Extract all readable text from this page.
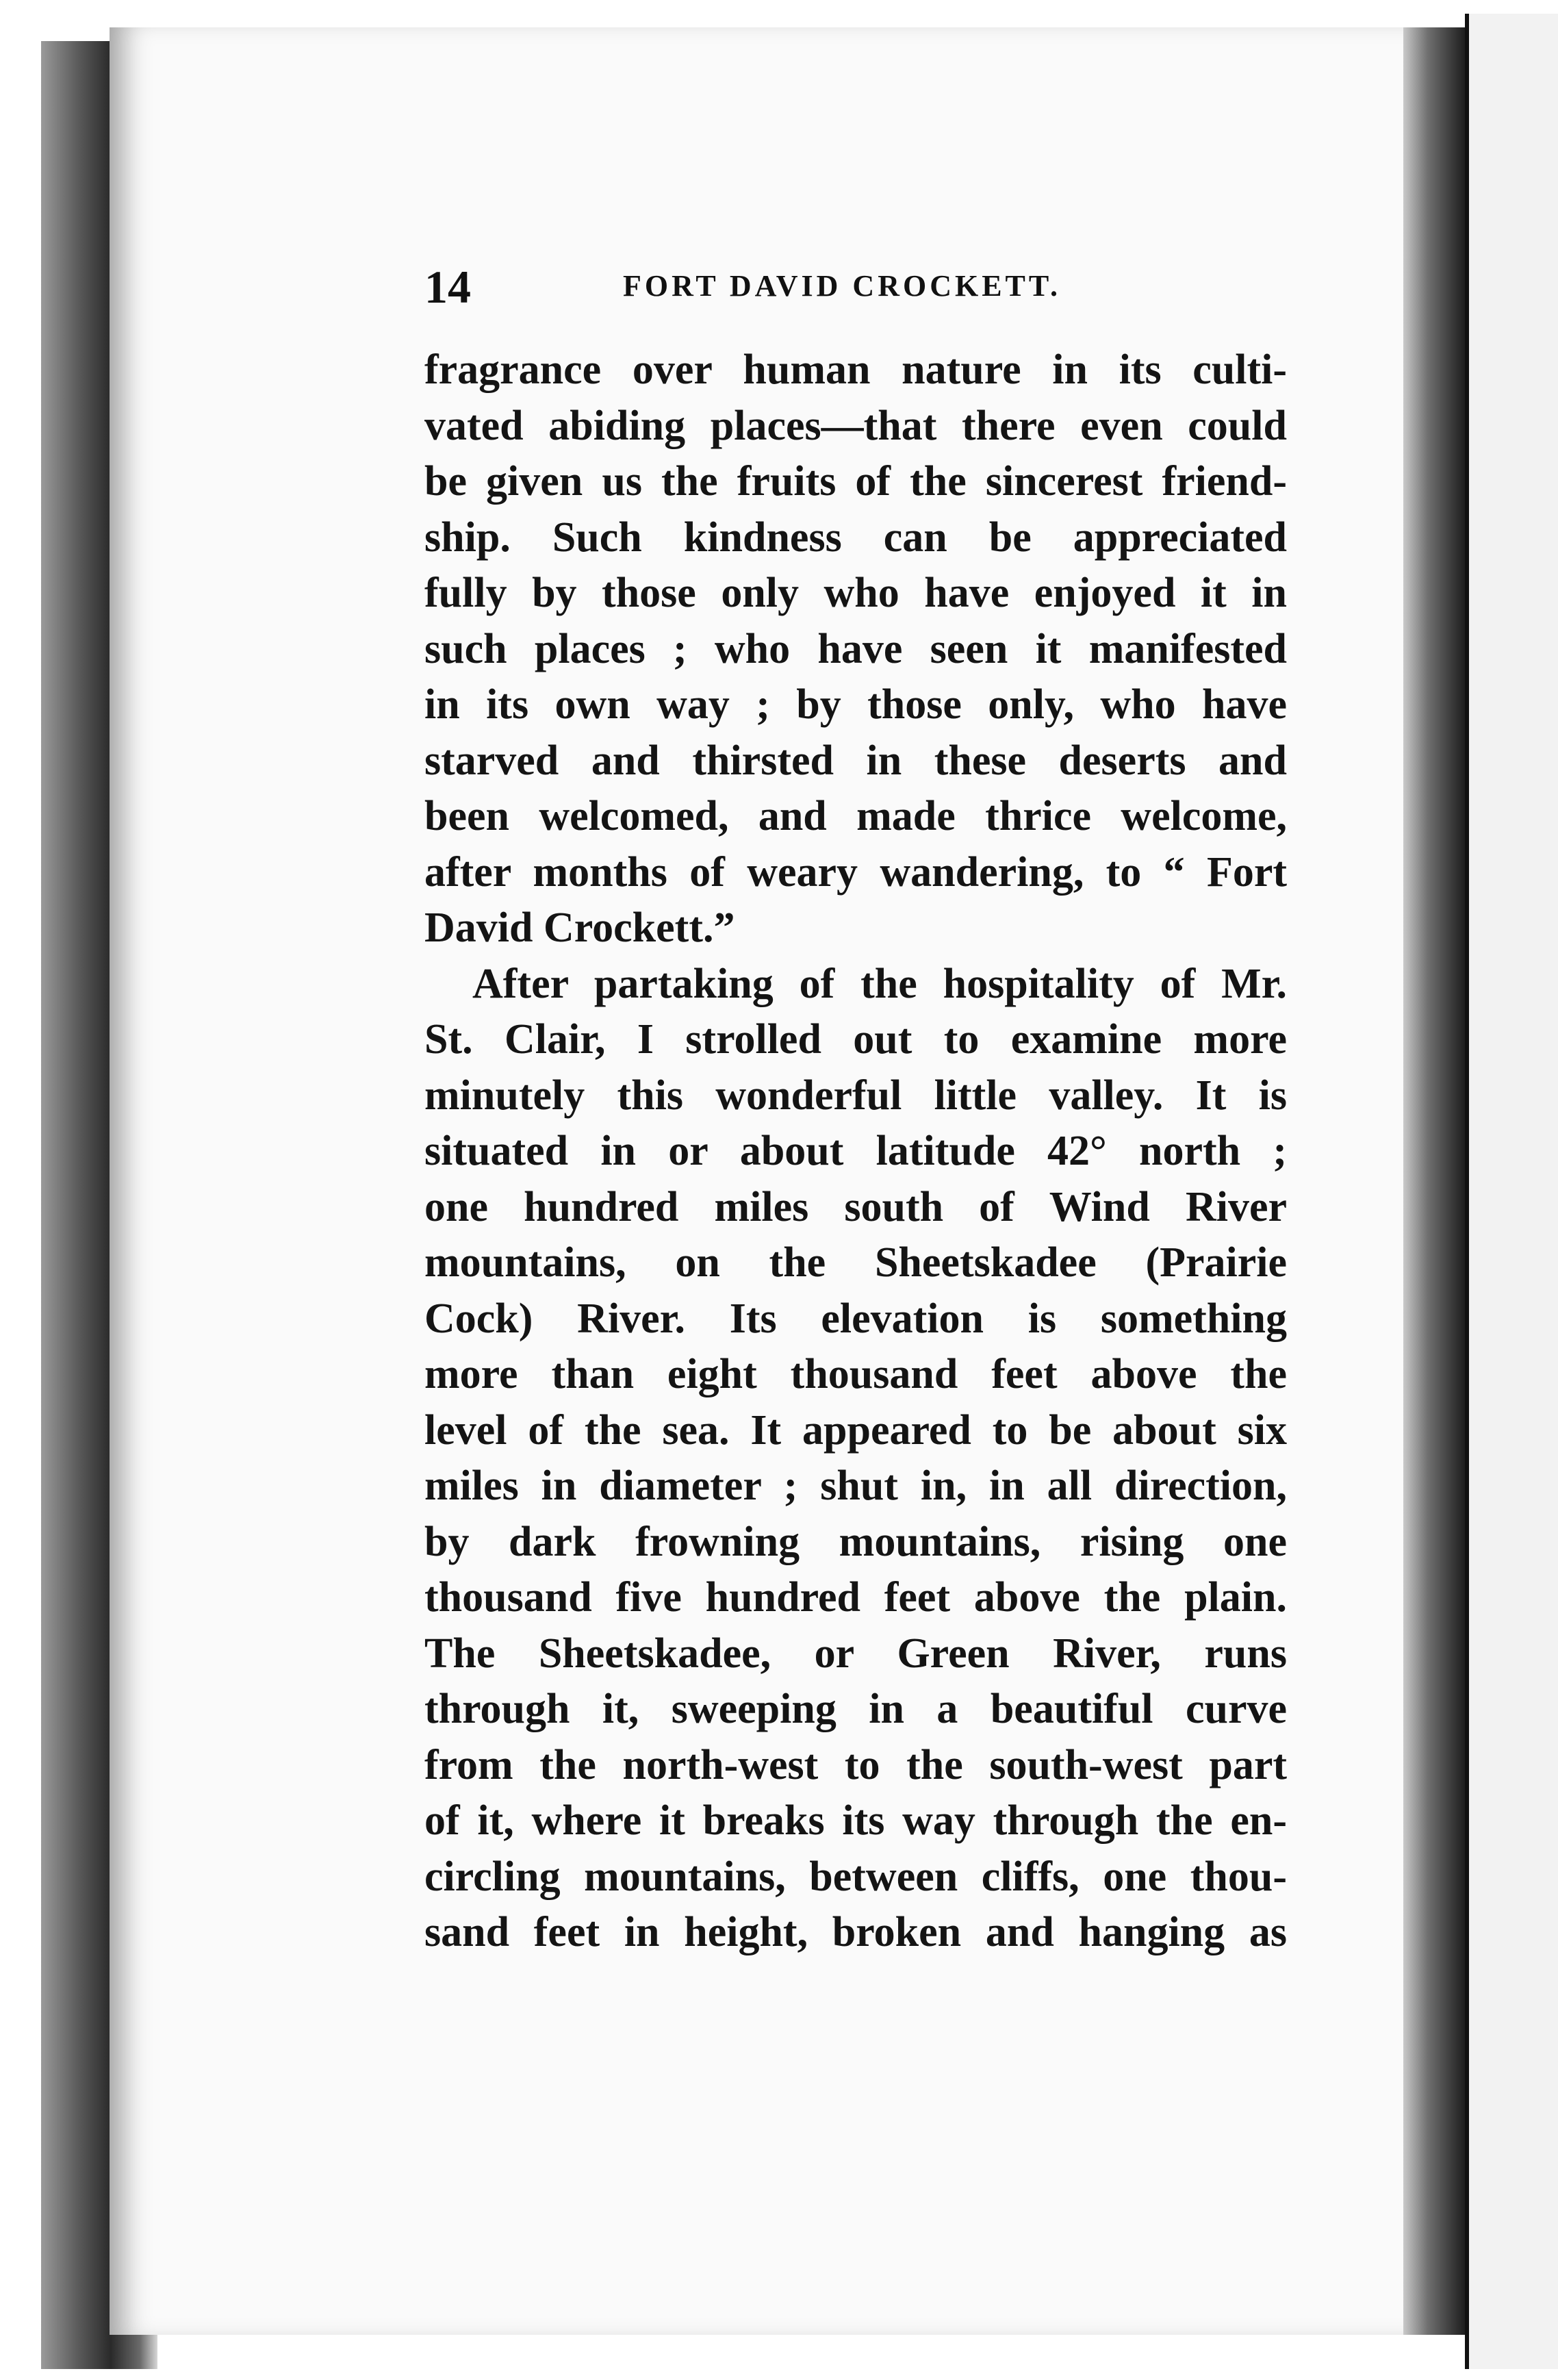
14	FORT DAVID CROCKETT.
fragrance over human nature in its culti-
vated abiding places—that there even could
be given us the fruits of the sincerest friend-
ship. Such kindness can be appreciated
fully by those only who have enjoyed it in
such places ; who have seen it manifested
in its own way ; by those only, who have
starved and thirsted in these deserts and
been welcomed, and made thrice welcome,
after months of weary wandering, to “ Fort
David Crockett.”
After partaking of the hospitality of Mr.
St. Clair, I strolled out to examine more
minutely this wonderful little valley. It is
situated in or about latitude 42° north ;
one hundred miles south of Wind River
mountains, on the Sheetskadee (Prairie
Cock) River. Its elevation is something
more than eight thousand feet above the
level of the sea. It appeared to be about six
miles in diameter ; shut in, in all direction,
by dark frowning mountains, rising one
thousand five hundred feet above the plain.
The Sheetskadee, or Green River, runs
through it, sweeping in a beautiful curve
from the north-west to the south-west part
of it, where it breaks its way through the en-
circling mountains, between cliffs, one thou-
sand feet in height, broken and hanging as
